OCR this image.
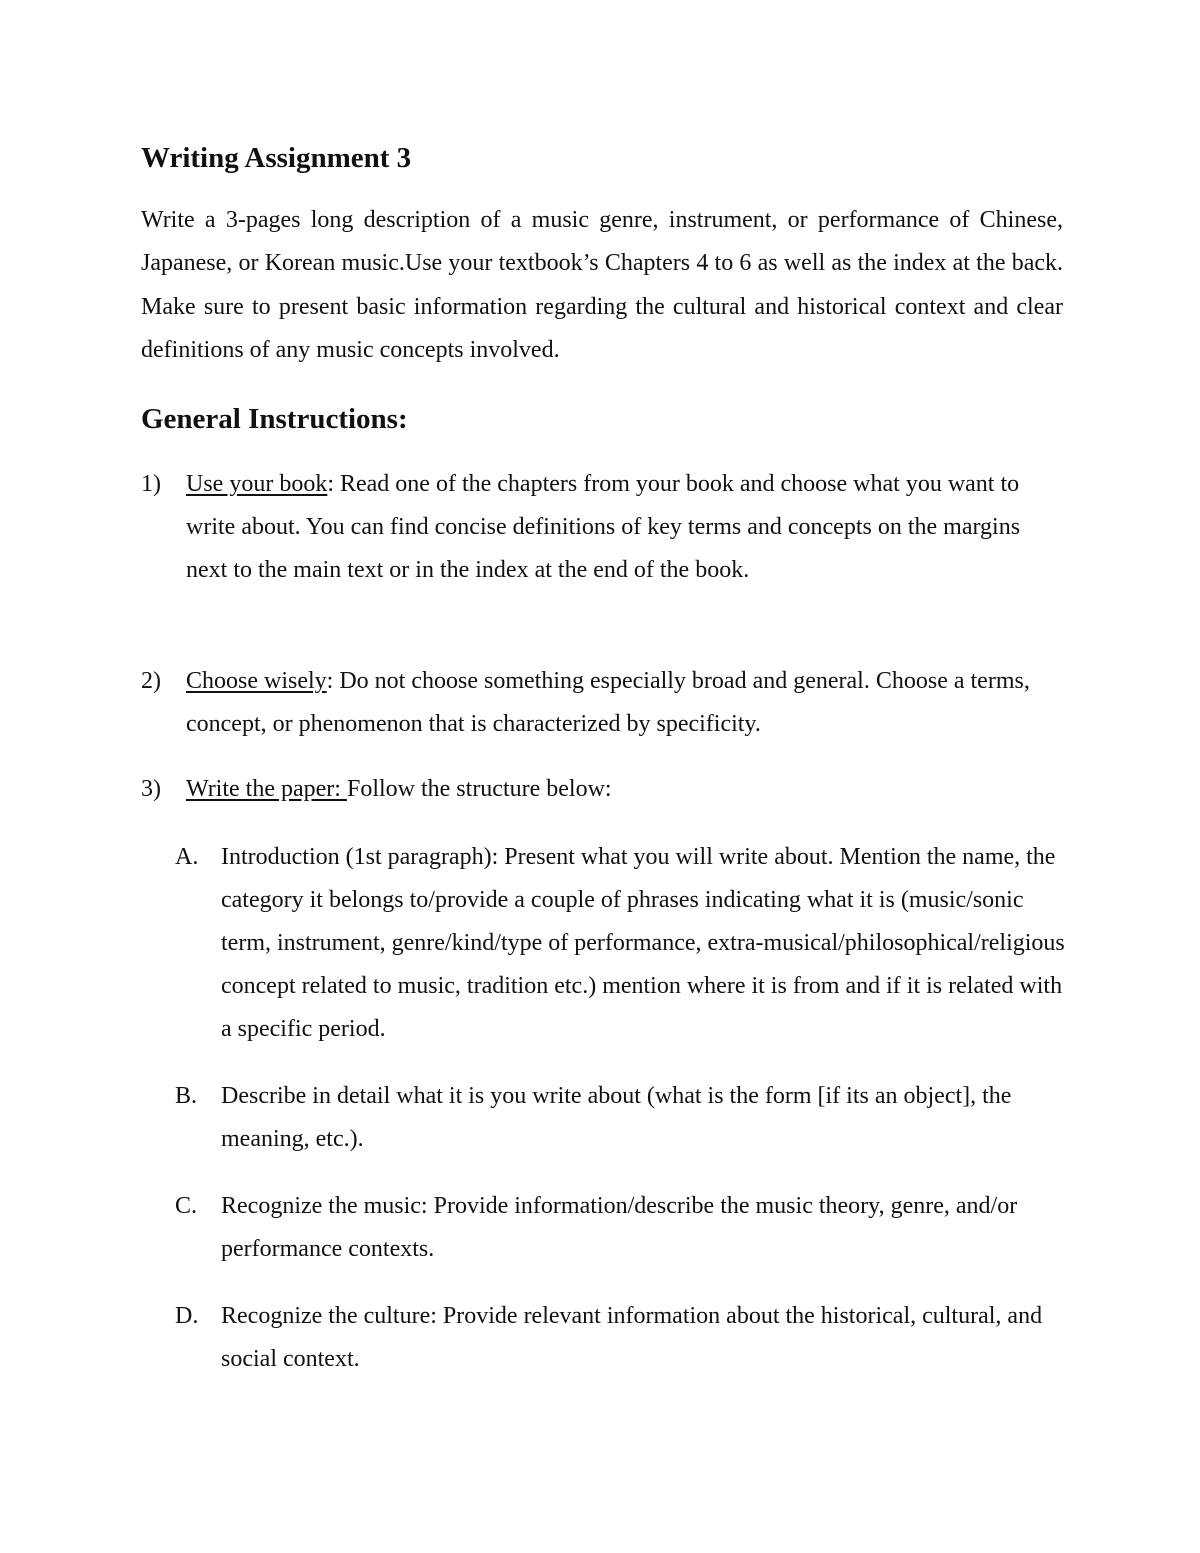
Writing Assignment 3

Write a 3-pages long description of a music genre, instrument, or performance of Chinese, Japanese, or Korean music.Use your textbook’s Chapters 4 to 6 as well as the index at the back. Make sure to present basic information regarding the cultural and historical context and clear definitions of any music concepts involved.

General Instructions:
1) Use your book: Read one of the chapters from your book and choose what you want to write about. You can find concise definitions of key terms and concepts on the margins next to the main text or in the index at the end of the book.
2) Choose wisely: Do not choose something especially broad and general. Choose a terms, concept, or phenomenon that is characterized by specificity.
3) Write the paper: Follow the structure below:
A. Introduction (1st paragraph): Present what you will write about. Mention the name, the category it belongs to/provide a couple of phrases indicating what it is (music/sonic term, instrument, genre/kind/type of performance, extra-musical/philosophical/religious concept related to music, tradition etc.) mention where it is from and if it is related with a specific period.
B. Describe in detail what it is you write about (what is the form [if its an object], the meaning, etc.).
C. Recognize the music: Provide information/describe the music theory, genre, and/or performance contexts.
D. Recognize the culture: Provide relevant information about the historical, cultural, and social context.
